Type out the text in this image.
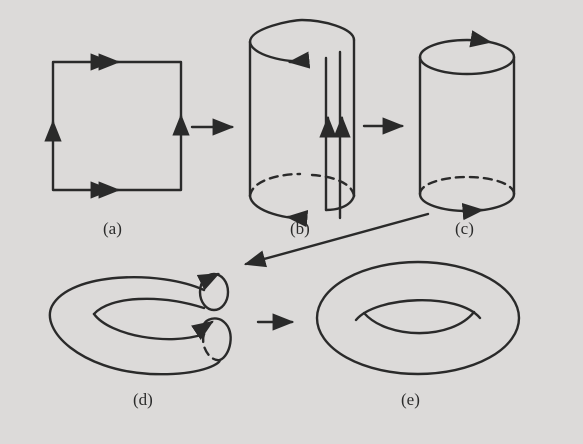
(a)	(b)	(c)
(d)	(e)
